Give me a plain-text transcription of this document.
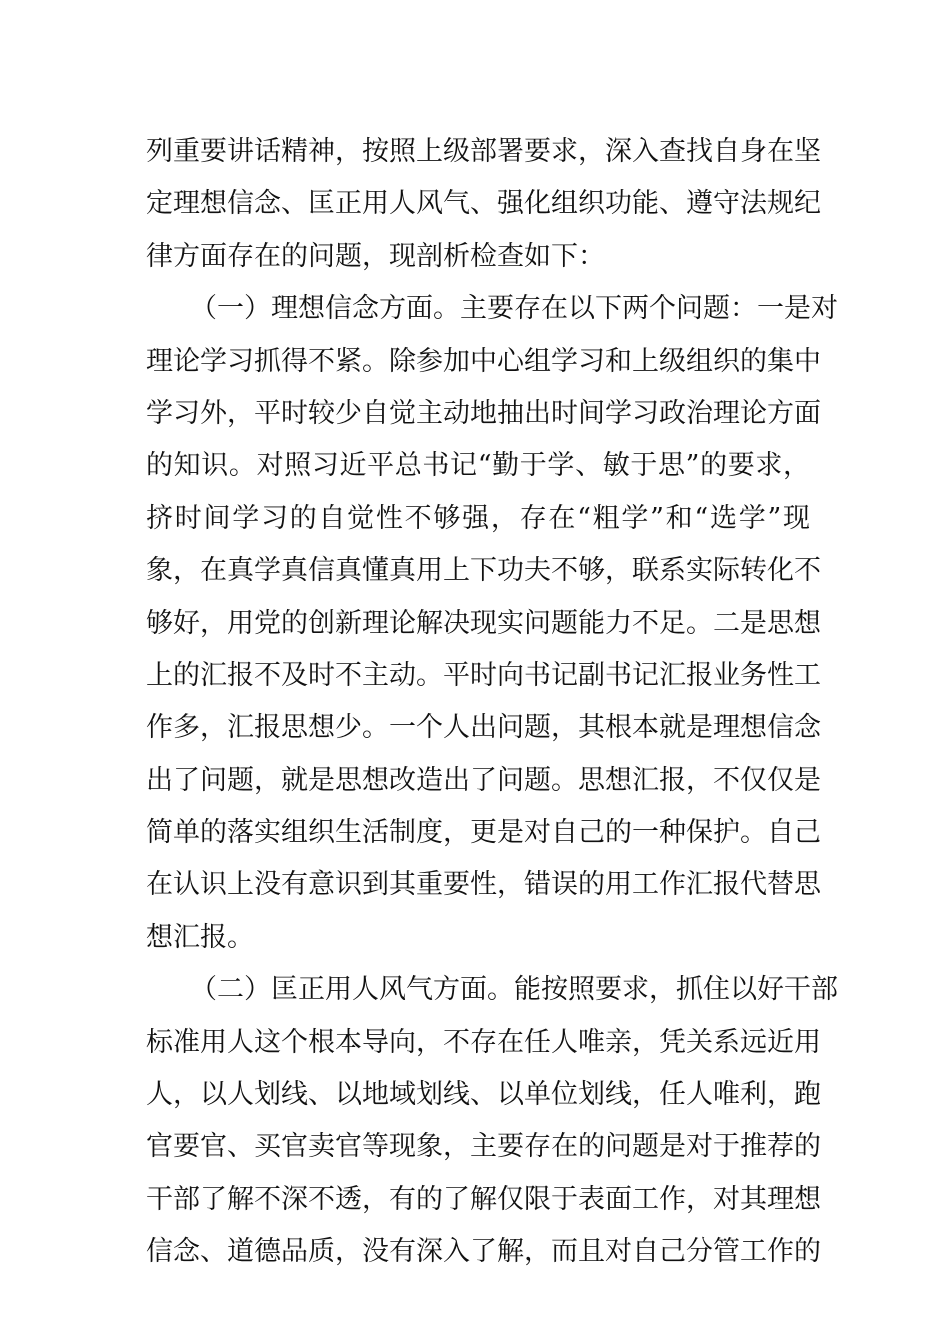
列重要讲话精神，按照上级部署要求，深入查找自身在坚
定理想信念、匡正用人风气、强化组织功能、遵守法规纪
律方面存在的问题，现剖析检查如下：
（一）理想信念方面。主要存在以下两个问题：一是对
理论学习抓得不紧。除参加中心组学习和上级组织的集中
学习外，平时较少自觉主动地抽出时间学习政治理论方面
的知识。对照习近平总书记“勤于学、敏于思”的要求，
挤时间学习的自觉性不够强，存在“粗学”和“选学”现
象，在真学真信真懂真用上下功夫不够，联系实际转化不
够好，用党的创新理论解决现实问题能力不足。二是思想
上的汇报不及时不主动。平时向书记副书记汇报业务性工
作多，汇报思想少。一个人出问题，其根本就是理想信念
出了问题，就是思想改造出了问题。思想汇报，不仅仅是
简单的落实组织生活制度，更是对自己的一种保护。自己
在认识上没有意识到其重要性，错误的用工作汇报代替思
想汇报。
（二）匡正用人风气方面。能按照要求，抓住以好干部
标准用人这个根本导向，不存在任人唯亲，凭关系远近用
人，以人划线、以地域划线、以单位划线，任人唯利，跑
官要官、买官卖官等现象，主要存在的问题是对于推荐的
干部了解不深不透，有的了解仅限于表面工作，对其理想
信念、道德品质，没有深入了解，而且对自己分管工作的
